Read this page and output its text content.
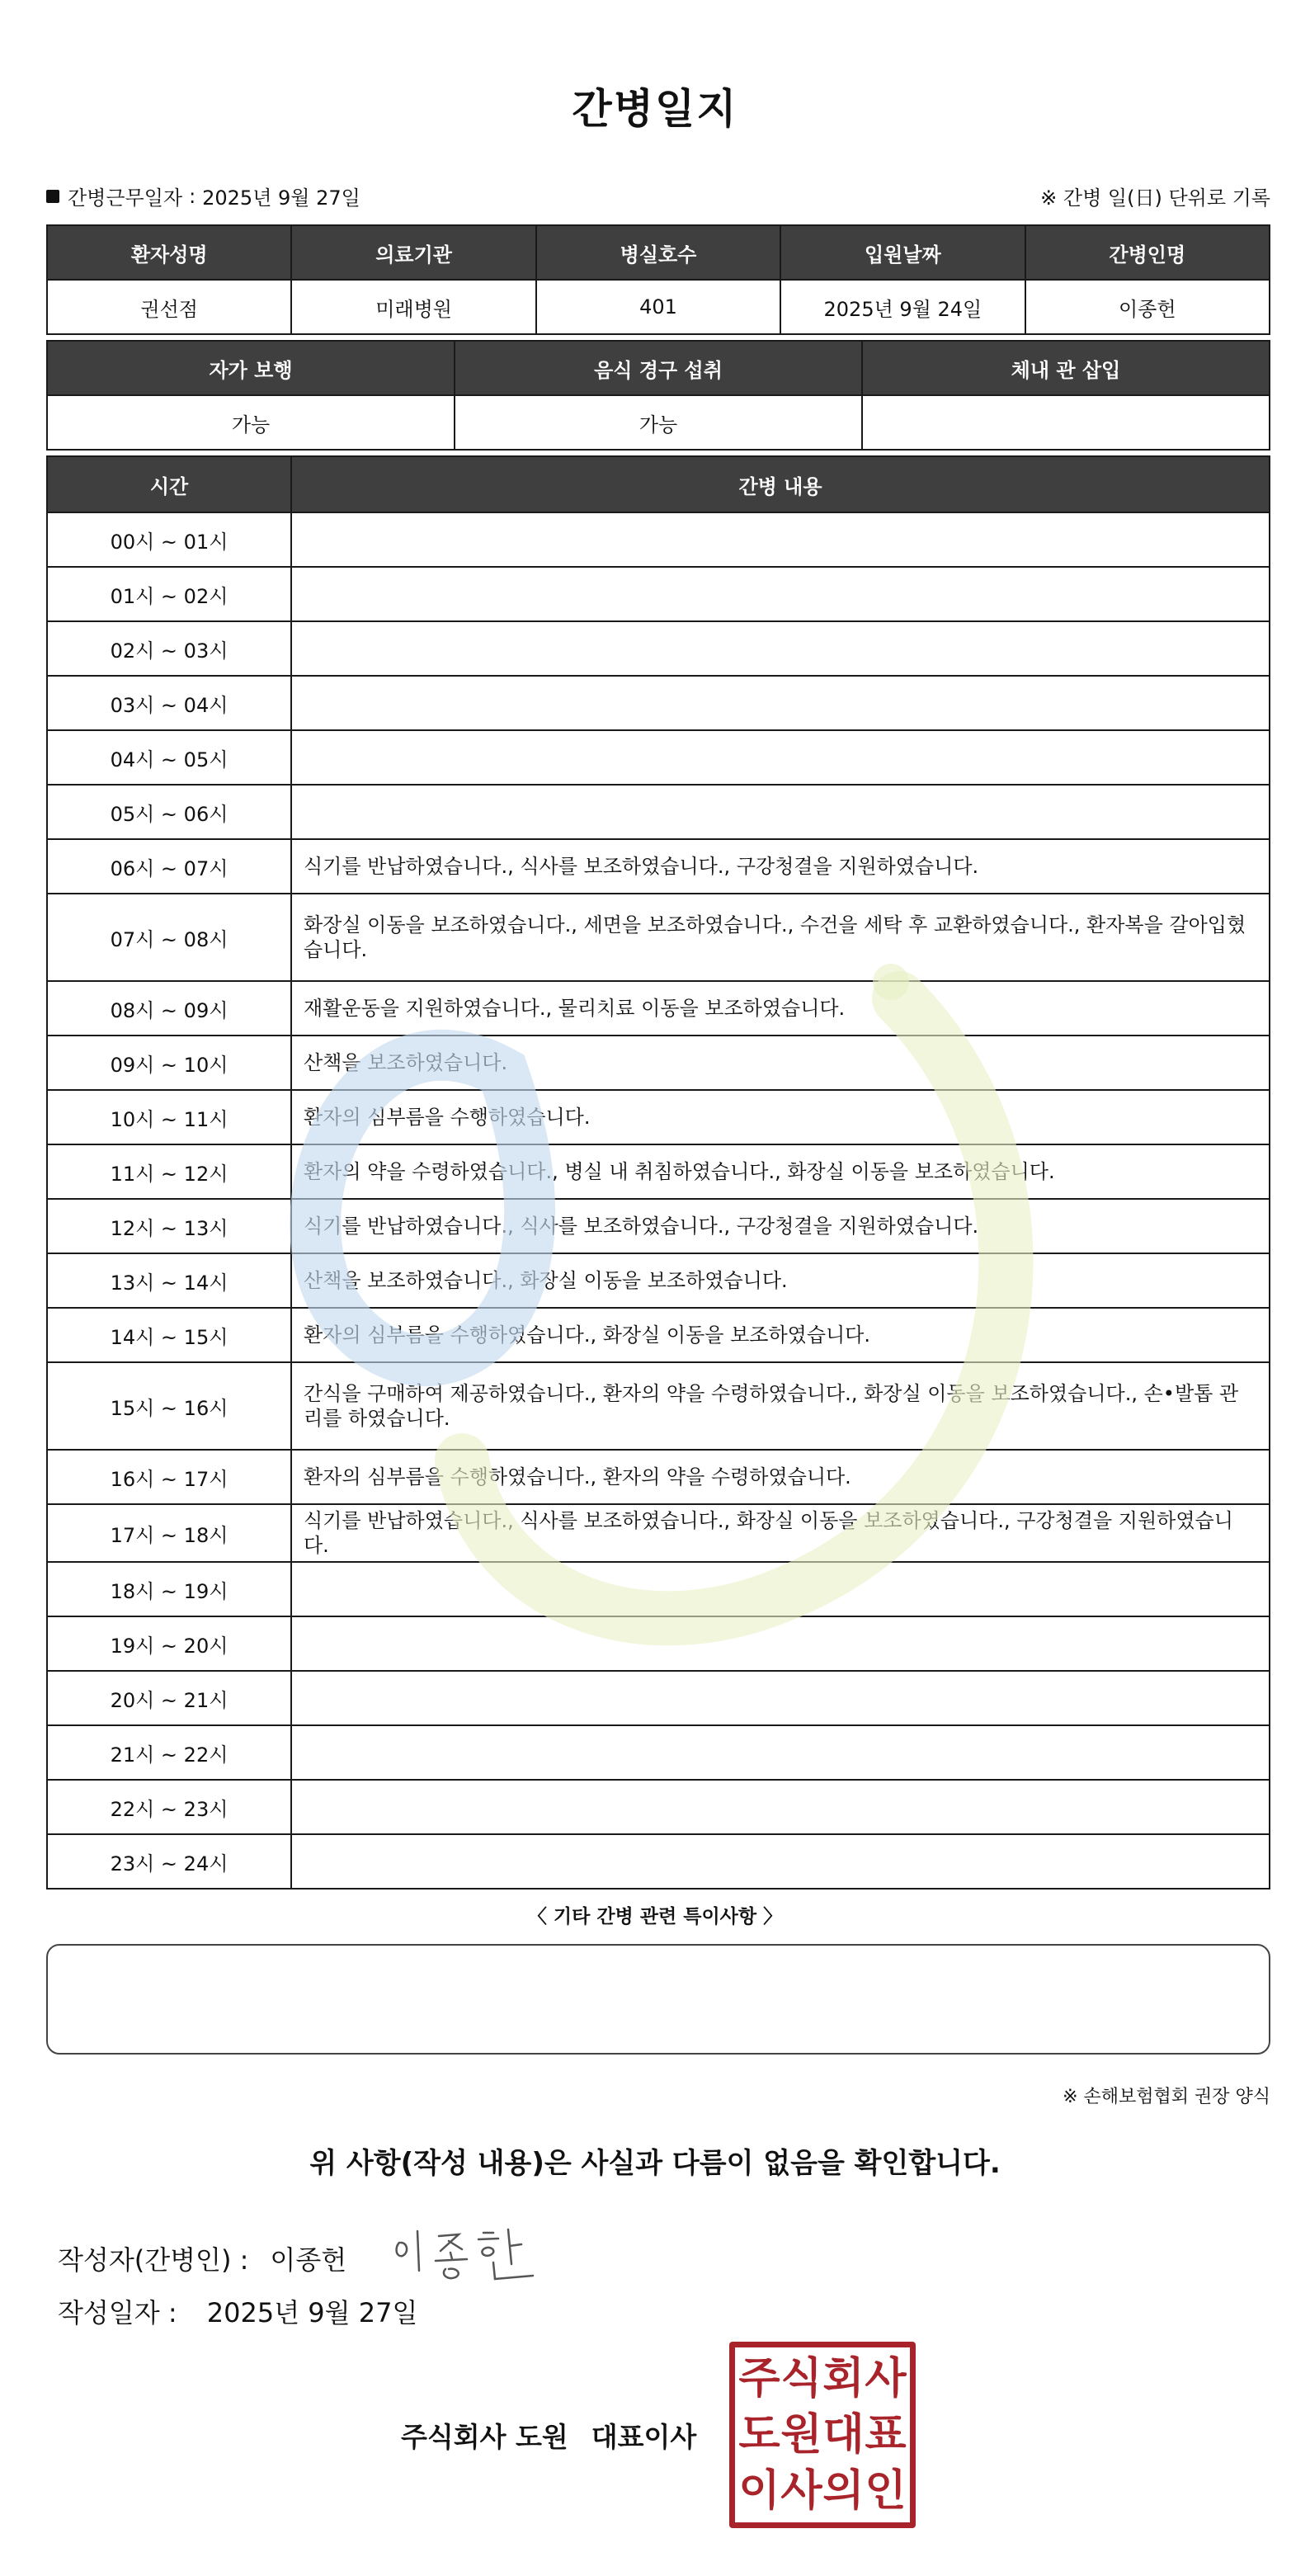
간병일지
간병근무일자 : 2025년 9월 27일	※ 간병 일(日) 단위로 기록
환자성명	의료기관	병실호수	입원날짜	간병인명
권선점	미래병원	401	2025년 9월 24일	이종헌
자가 보행	음식 경구 섭취	체내 관 삽입
가능	가능	
시간	간병 내용
00시 ~ 01시	
01시 ~ 02시	
02시 ~ 03시	
03시 ~ 04시	
04시 ~ 05시	
05시 ~ 06시	
06시 ~ 07시	식기를 반납하였습니다., 식사를 보조하였습니다., 구강청결을 지원하였습니다.
07시 ~ 08시	화장실 이동을 보조하였습니다., 세면을 보조하였습니다., 수건을 세탁 후 교환하였습니다., 환자복을 갈아입혔습니다.
08시 ~ 09시	재활운동을 지원하였습니다., 물리치료 이동을 보조하였습니다.
09시 ~ 10시	산책을 보조하였습니다.
10시 ~ 11시	환자의 심부름을 수행하였습니다.
11시 ~ 12시	환자의 약을 수령하였습니다., 병실 내 취침하였습니다., 화장실 이동을 보조하였습니다.
12시 ~ 13시	식기를 반납하였습니다., 식사를 보조하였습니다., 구강청결을 지원하였습니다.
13시 ~ 14시	산책을 보조하였습니다., 화장실 이동을 보조하였습니다.
14시 ~ 15시	환자의 심부름을 수행하였습니다., 화장실 이동을 보조하였습니다.
15시 ~ 16시	간식을 구매하여 제공하였습니다., 환자의 약을 수령하였습니다., 화장실 이동을 보조하였습니다., 손•발톱 관리를 하였습니다.
16시 ~ 17시	환자의 심부름을 수행하였습니다., 환자의 약을 수령하였습니다.
17시 ~ 18시	식기를 반납하였습니다., 식사를 보조하였습니다., 화장실 이동을 보조하였습니다., 구강청결을 지원하였습니다.
18시 ~ 19시	
19시 ~ 20시	
20시 ~ 21시	
21시 ~ 22시	
22시 ~ 23시	
23시 ~ 24시	
〈 기타 간병 관련 특이사항 〉
※ 손해보험협회 권장 양식
위 사항(작성 내용)은 사실과 다름이 없음을 확인합니다.
작성자(간병인) : 이종헌
작성일자 : 2025년 9월 27일
주식회사 도원 대표이사
주 식 회 사
도 원 대 표
이 사 의 인
